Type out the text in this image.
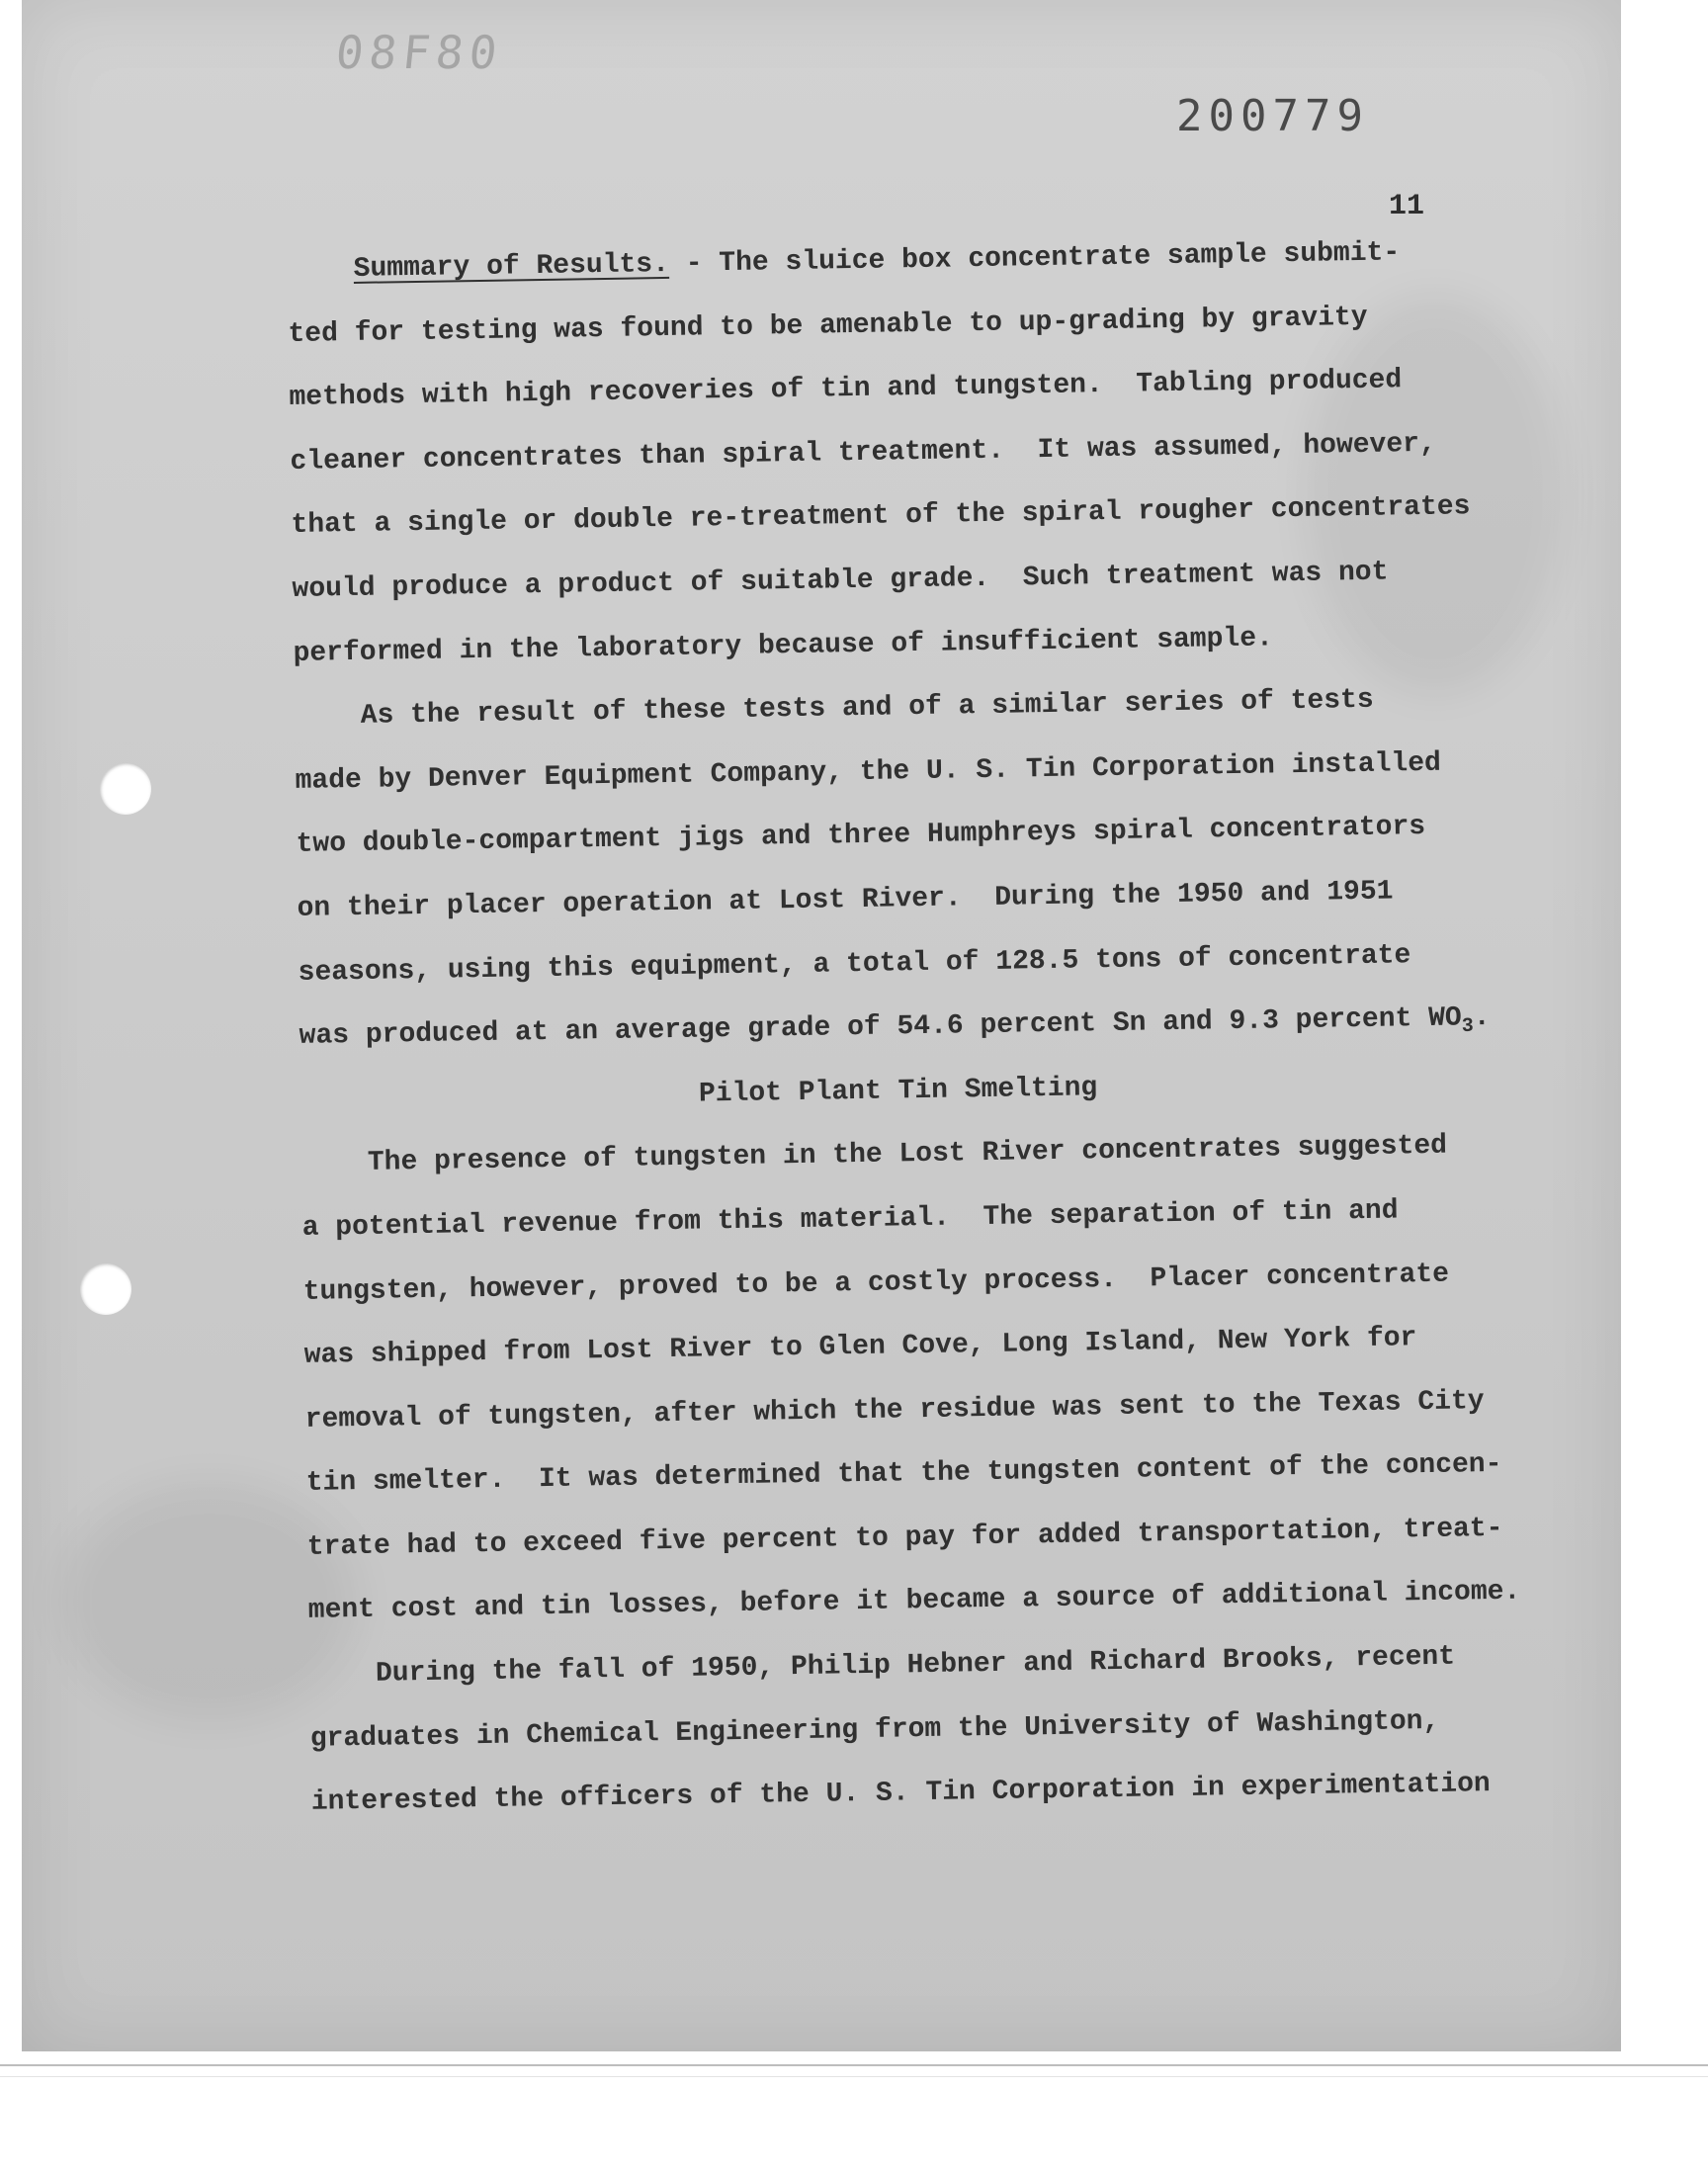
08F80
200779
11
Summary of Results. - The sluice box concentrate sample submit-
ted for testing was found to be amenable to up-grading by gravity
methods with high recoveries of tin and tungsten.  Tabling produced
cleaner concentrates than spiral treatment.  It was assumed, however,
that a single or double re-treatment of the spiral rougher concentrates
would produce a product of suitable grade.  Such treatment was not
performed in the laboratory because of insufficient sample.
As the result of these tests and of a similar series of tests
made by Denver Equipment Company, the U. S. Tin Corporation installed
two double-compartment jigs and three Humphreys spiral concentrators
on their placer operation at Lost River.  During the 1950 and 1951
seasons, using this equipment, a total of 128.5 tons of concentrate
was produced at an average grade of 54.6 percent Sn and 9.3 percent $WO_3$.
Pilot Plant Tin Smelting
The presence of tungsten in the Lost River concentrates suggested
a potential revenue from this material.  The separation of tin and
tungsten, however, proved to be a costly process.  Placer concentrate
was shipped from Lost River to Glen Cove, Long Island, New York for
removal of tungsten, after which the residue was sent to the Texas City
tin smelter.  It was determined that the tungsten content of the concen-
trate had to exceed five percent to pay for added transportation, treat-
ment cost and tin losses, before it became a source of additional income.
During the fall of 1950, Philip Hebner and Richard Brooks, recent
graduates in Chemical Engineering from the University of Washington,
interested the officers of the U. S. Tin Corporation in experimentation
